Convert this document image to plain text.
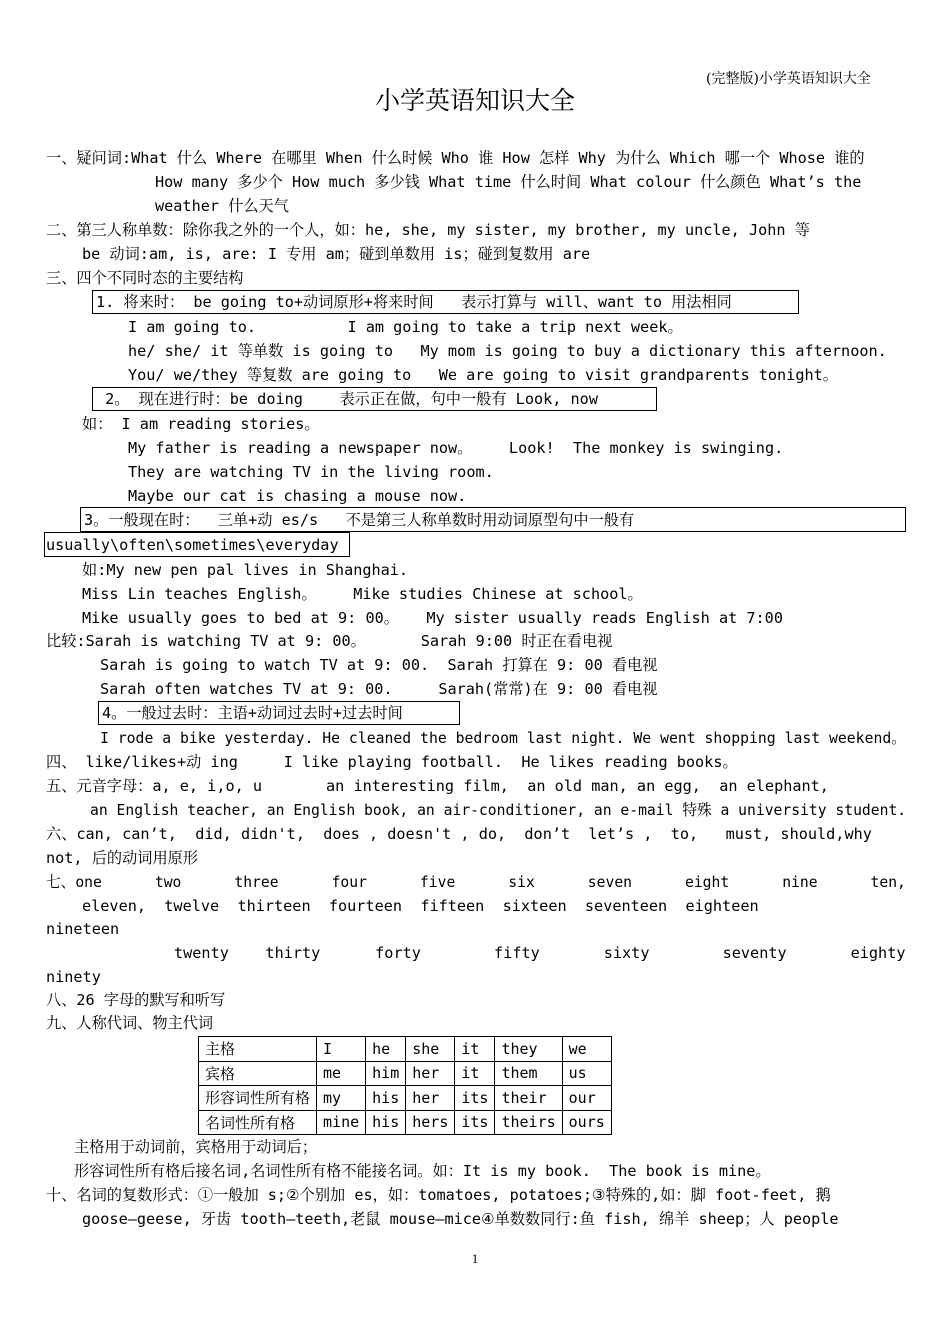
(完整版)小学英语知识大全
小学英语知识大全
一、疑问词:What 什么 Where 在哪里 When 什么时候 Who 谁 How 怎样 Why 为什么 Which 哪一个 Whose 谁的
How many 多少个 How much 多少钱 What time 什么时间 What colour 什么颜色 What’s the
weather 什么天气
二、第三人称单数：除你我之外的一个人，如：he, she, my sister, my brother, my uncle, John 等
be 动词:am, is, are: I 专用 am；碰到单数用 is；碰到复数用 are
三、四个不同时态的主要结构
1. 将来时： be going to+动词原形+将来时间   表示打算与 will、want to 用法相同
I am going to.          I am going to take a trip next week。
he/ she/ it 等单数 is going to   My mom is going to buy a dictionary this afternoon.
You/ we/they 等复数 are going to   We are going to visit grandparents tonight。
2。 现在进行时：be doing    表示正在做，句中一般有 Look, now
如： I am reading stories。
My father is reading a newspaper now。    Look!  The monkey is swinging.
They are watching TV in the living room.
Maybe our cat is chasing a mouse now.
3。一般现在时：  三单+动 es/s   不是第三人称单数时用动词原型句中一般有
usually\often\sometimes\everyday
如:My new pen pal lives in Shanghai.
Miss Lin teaches English。    Mike studies Chinese at school。
Mike usually goes to bed at 9: 00。   My sister usually reads English at 7:00
比较:Sarah is watching TV at 9: 00。      Sarah 9:00 时正在看电视
Sarah is going to watch TV at 9: 00.  Sarah 打算在 9: 00 看电视
Sarah often watches TV at 9: 00.     Sarah(常常)在 9: 00 看电视
4。一般过去时：主语+动词过去时+过去时间
I rode a bike yesterday. He cleaned the bedroom last night. We went shopping last weekend。
四、 like/likes+动 ing     I like playing football.  He likes reading books。
五、元音字母：a, e, i,o, u       an interesting film,  an old man, an egg,  an elephant,
an English teacher, an English book, an air-conditioner, an e-mail 特殊 a university student.
六、can, can’t,  did, didn't,  does , doesn't , do,  don’t  let’s ,  to,   must, should,why
not, 后的动词用原形
七、one      two      three      four      five      six      seven      eight      nine      ten,
eleven,  twelve  thirteen  fourteen  fifteen  sixteen  seventeen  eighteen
nineteen
twenty    thirty      forty        fifty       sixty        seventy       eighty
ninety
八、26 字母的默写和听写
九、人称代词、物主代词
主格	I	he	she	it	they	we
宾格	me	him	her	it	them	us
形容词性所有格	my	his	her	its	their	our
名词性所有格	mine	his	hers	its	theirs	ours
主格用于动词前，宾格用于动词后；
形容词性所有格后接名词,名词性所有格不能接名词。如：It is my book.  The book is mine。
十、名词的复数形式：①一般加 s;②个别加 es，如：tomatoes, potatoes;③特殊的,如：脚 foot-feet, 鹅
goose—geese, 牙齿 tooth—teeth,老鼠 mouse—mice④单数数同行:鱼 fish, 绵羊 sheep；人 people
1
